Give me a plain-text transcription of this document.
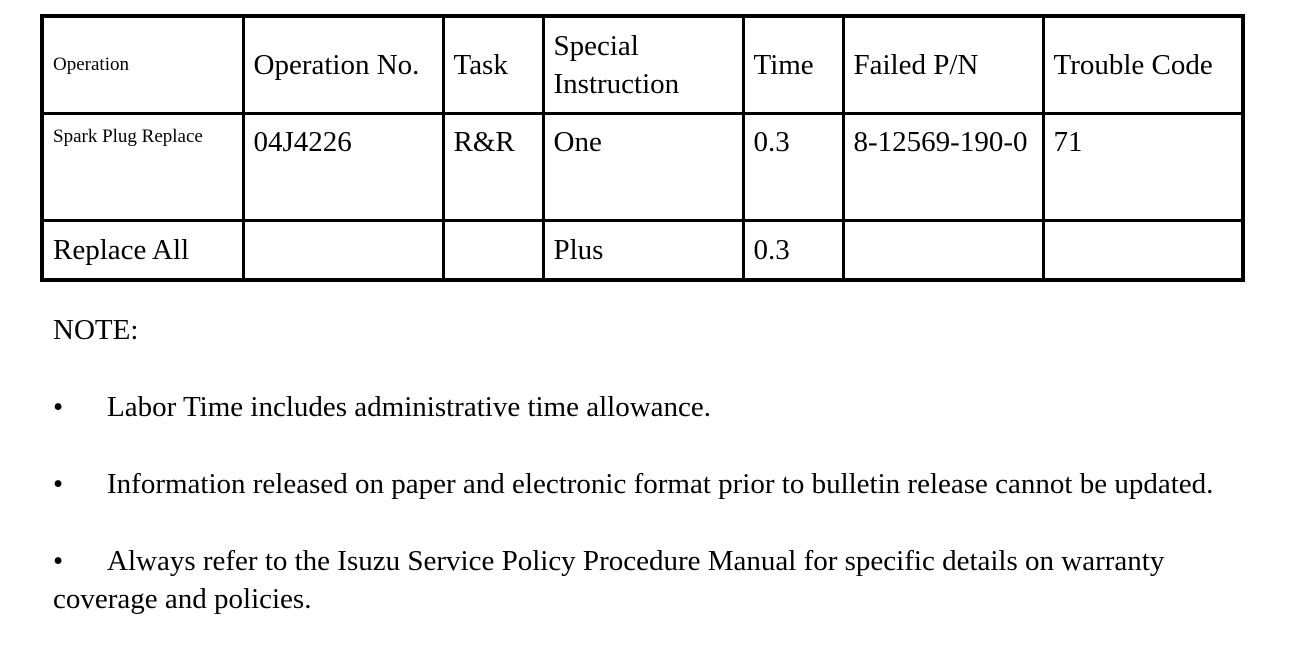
Operation	Operation No.	Task	Special Instruction	Time	Failed P/N	Trouble Code
Spark Plug Replace	04J4226	R&R	One	0.3	8-12569-190-0	71
Replace All			Plus	0.3		
NOTE:
• Labor Time includes administrative time allowance.
• Information released on paper and electronic format prior to bulletin release cannot be updated.
• Always refer to the Isuzu Service Policy Procedure Manual for specific details on warranty coverage and policies.
